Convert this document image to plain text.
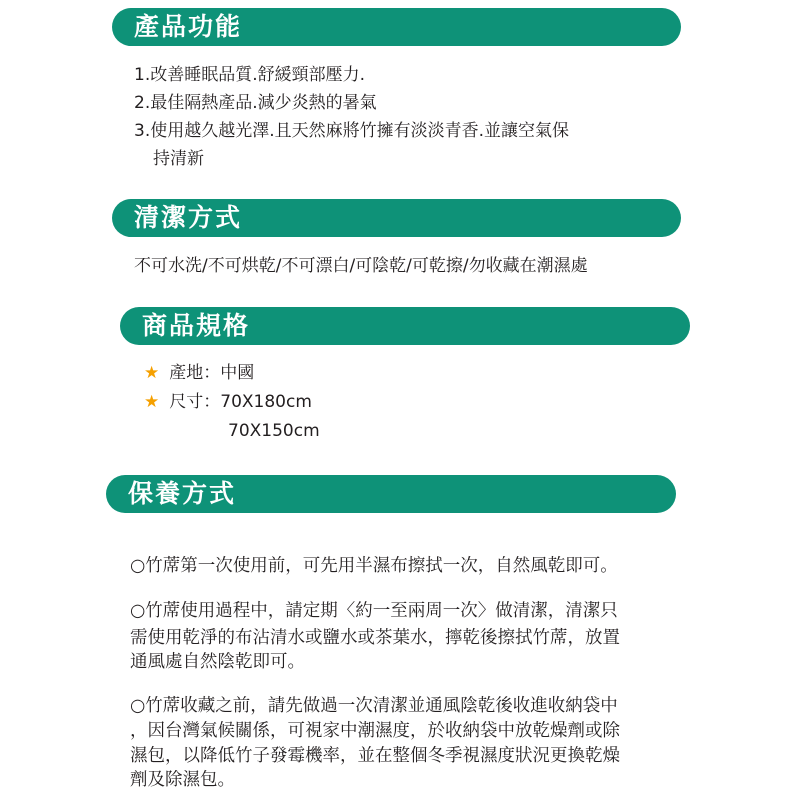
產品功能
1.改善睡眠品質.舒緩頸部壓力.
2.最佳隔熱產品.減少炎熱的暑氣
3.使用越久越光澤.且天然麻將竹擁有淡淡青香.並讓空氣保
持清新
清潔方式
不可水洗/不可烘乾/不可漂白/可陰乾/可乾擦/勿收藏在潮濕處
商品規格
★ 產地：中國
★ 尺寸：70X180cm
70X150cm
保養方式
○竹蓆第一次使用前，可先用半濕布擦拭一次，自然風乾即可。
○竹蓆使用過程中，請定期〈約一至兩周一次〉做清潔，清潔只
需使用乾淨的布沾清水或鹽水或茶葉水，擰乾後擦拭竹蓆，放置
通風處自然陰乾即可。
○竹蓆收藏之前，請先做過一次清潔並通風陰乾後收進收納袋中
，因台灣氣候關係，可視家中潮濕度，於收納袋中放乾燥劑或除
濕包，以降低竹子發霉機率，並在整個冬季視濕度狀況更換乾燥
劑及除濕包。
